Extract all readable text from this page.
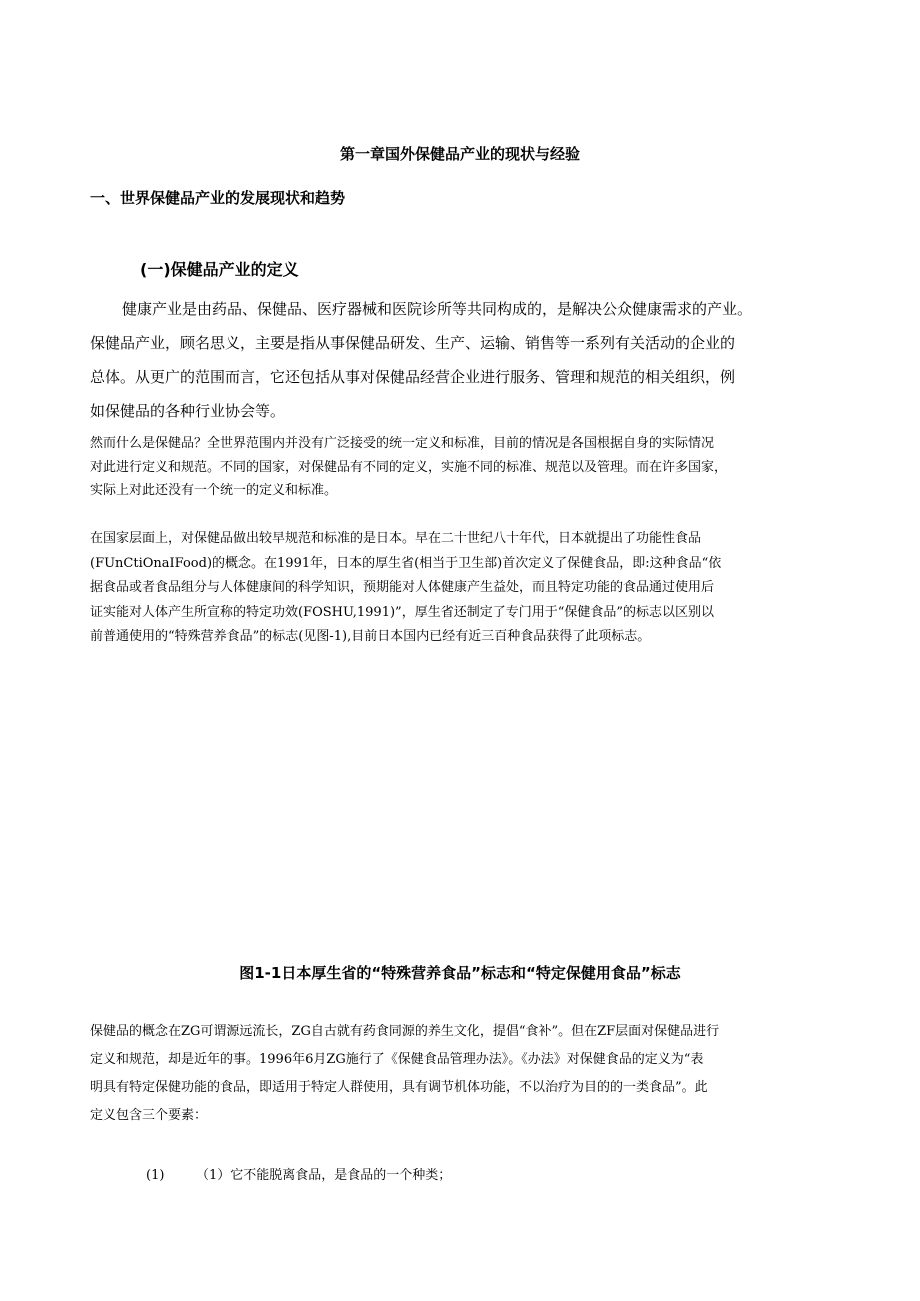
第一章国外保健品产业的现状与经验
一、世界保健品产业的发展现状和趋势
(一)保健品产业的定义
健康产业是由药品、保健品、医疗器械和医院诊所等共同构成的，是解决公众健康需求的产业。
保健品产业，顾名思义，主要是指从事保健品研发、生产、运输、销售等一系列有关活动的企业的
总体。从更广的范围而言，它还包括从事对保健品经营企业进行服务、管理和规范的相关组织，例
如保健品的各种行业协会等。
然而什么是保健品？全世界范围内并没有广泛接受的统一定义和标准，目前的情况是各国根据自身的实际情况
对此进行定义和规范。不同的国家，对保健品有不同的定义，实施不同的标准、规范以及管理。而在许多国家，
实际上对此还没有一个统一的定义和标准。
在国家层面上，对保健品做出较早规范和标准的是日本。早在二十世纪八十年代，日本就提出了功能性食品
(FUnCtiOnaIFood)的概念。在1991年，日本的厚生省(相当于卫生部)首次定义了保健食品，即:这种食品“依
据食品或者食品组分与人体健康间的科学知识，预期能对人体健康产生益处，而且特定功能的食品通过使用后
证实能对人体产生所宣称的特定功效(FOSHU,1991)”，厚生省还制定了专门用于“保健食品”的标志以区别以
前普通使用的“特殊营养食品”的标志(见图-1),目前日本国内已经有近三百种食品获得了此项标志。
图1-1日本厚生省的“特殊营养食品”标志和“特定保健用食品”标志
保健品的概念在ZG可谓源远流长，ZG自古就有药食同源的养生文化，提倡“食补”。但在ZF层面对保健品进行
定义和规范，却是近年的事。1996年6月ZG施行了《保健食品管理办法》。《办法》对保健食品的定义为“表
明具有特定保健功能的食品，即适用于特定人群使用，具有调节机体功能，不以治疗为目的的一类食品”。此
定义包含三个要素：
(1) （1）它不能脱离食品，是食品的一个种类；
